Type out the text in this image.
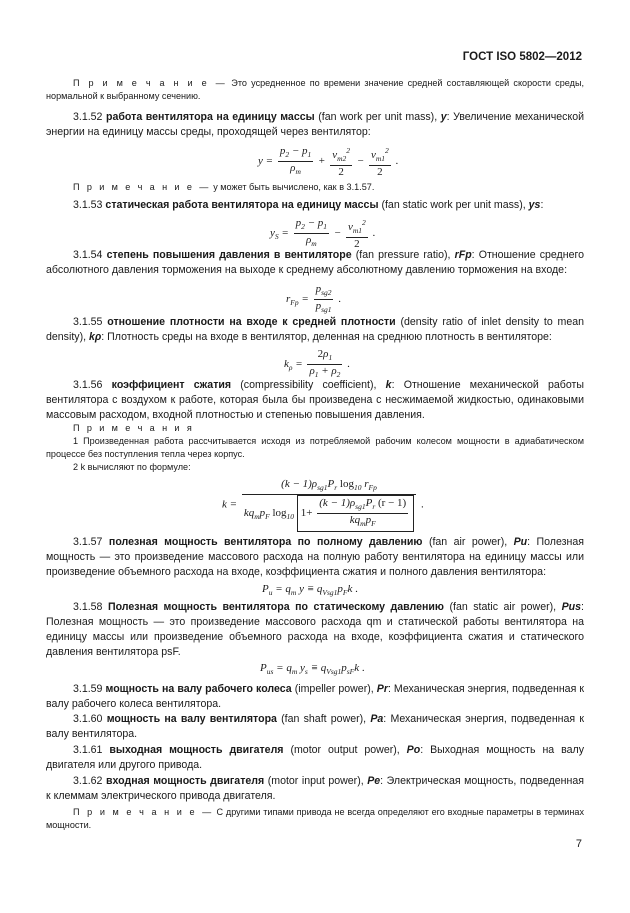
ГОСТ ISO 5802—2012
П р и м е ч а н и е — Это усредненное по времени значение средней составляющей скорости среды, нормальной к выбранному сечению.
3.1.52 работа вентилятора на единицу массы (fan work per unit mass), y: Увеличение механической энергии на единицу массы среды, проходящей через вентилятор:
$y = \frac{p_2 - p_1}{\rho_m} + \frac{v_{m2}^2}{2} - \frac{v_{m1}^2}{2}$ .
П р и м е ч а н и е — y может быть вычислено, как в 3.1.57.
3.1.53 статическая работа вентилятора на единицу массы (fan static work per unit mass), ys:
$y_S = \frac{p_2 - p_1}{\rho_m} - \frac{v_{m1}^2}{2}$ .
3.1.54 степень повышения давления в вентиляторе (fan pressure ratio), rFp: Отношение среднего абсолютного давления торможения на выходе к среднему абсолютному давлению торможения на входе:
$r_{Fp}$ =
$p_{sg2}$
$p_{sg1}$
.
3.1.55 отношение плотности на входе к средней плотности (density ratio of inlet density to mean density), kρ: Плотность среды на входе в вентилятор, деленная на среднюю плотность в вентиляторе:
$k_\rho = \frac{2\rho_1}{\rho_1 + \rho_2}$ .
3.1.56 коэффициент сжатия (compressibility coefficient), k: Отношение механической работы вентилятора с воздухом к работе, которая была бы произведена с несжимаемой жидкостью, одинаковыми массовым расходом, входной плотностью и степенью повышения давления.
П р и м е ч а н и я
1 Произведенная работа рассчитывается исходя из потребляемой рабочим колесом мощности в адиабатическом процессе без поступления тепла через корпус.
2 k вычисляют по формуле:
k =
$(k - 1)\rho_{sg1}P_r$ $\log_{10} r_{Fp}$
$kq_mp_F$ $\log_{10} 1+$
$(k - 1)\rho_{sg1}P_r$ (r − 1)
$kq_mp_F$
.
3.1.57 полезная мощность вентилятора по полному давлению (fan air power), Pu: Полезная мощность — это произведение массового расхода на полную работу вентилятора на единицу массы или произведение объемного расхода на входе, коэффициента сжатия и полного давления вентилятора:
$P_u = q_m$ $y \equiv q_{Vsg1}p_Fk$ .
3.1.58 Полезная мощность вентилятора по статическому давлению (fan static air power), Pus: Полезная мощность — это произведение массового расхода qm и статической работы вентилятора на единицу массы или произведение объемного расхода на входе, коэффициента сжатия и статического давления вентилятора psF.
$P_{us} = q_m$ $y_s \equiv q_{Vsg1}p_{sF}k$ .
3.1.59 мощность на валу рабочего колеса (impeller power), Pr: Механическая энергия, подведенная к валу рабочего колеса вентилятора.
3.1.60 мощность на валу вентилятора (fan shaft power), Pa: Механическая энергия, подведенная к валу вентилятора.
3.1.61 выходная мощность двигателя (motor output power), Po: Выходная мощность на валу двигателя или другого привода.
3.1.62 входная мощность двигателя (motor input power), Pe: Электрическая мощность, подведенная к клеммам электрического привода двигателя.
П р и м е ч а н и е — С другими типами привода не всегда определяют его входные параметры в терминах мощности.
7
